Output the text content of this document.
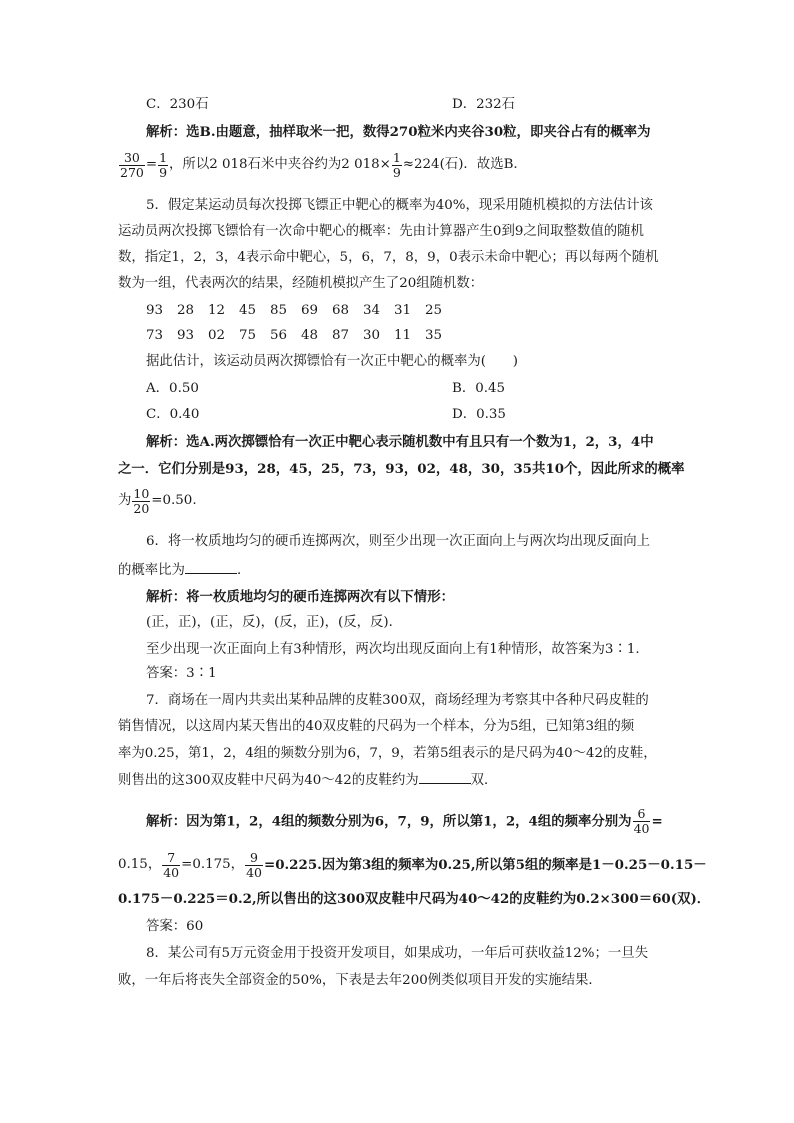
C．230石	D．232石
解析：选B.由题意，抽样取米一把，数得270粒米内夹谷30粒，即夹谷占有的概率为
$\frac{30}{270} = \frac{1}{9}$ ，所以2 018石米中夹谷约为2 $018\times \frac{1}{9} \approx 224$(石)．故选B.
5．假定某运动员每次投掷飞镖正中靶心的概率为40%，现采用随机模拟的方法估计该
运动员两次投掷飞镖恰有一次命中靶心的概率：先由计算器产生0到9之间取整数值的随机
数，指定1，2，3，4表示命中靶心，5，6，7，8，9，0表示未命中靶心；再以每两个随机
数为一组，代表两次的结果，经随机模拟产生了20组随机数：
93 28 12 45 85 69 68 34 31 25
73 93 02 75 56 48 87 30 11 35
据此估计，该运动员两次掷镖恰有一次正中靶心的概率为(　　)
A．0.50	B．0.45
C．0.40	D．0.35
解析：选A.两次掷镖恰有一次正中靶心表示随机数中有且只有一个数为1，2，3，4中
之一．它们分别是93，28，45，25，73，93，02，48，30，35共10个，因此所求的概率
为 $\frac{10}{20} =0.50$.
6．将一枚质地均匀的硬币连掷两次，则至少出现一次正面向上与两次均出现反面向上
的概率比为	．
解析：将一枚质地均匀的硬币连掷两次有以下情形：
(正，正)，(正，反)，(反，正)，(反，反)．
至少出现一次正面向上有3种情形，两次均出现反面向上有1种情形，故答案为3∶1.
答案：3∶1
7．商场在一周内共卖出某种品牌的皮鞋300双，商场经理为考察其中各种尺码皮鞋的
销售情况，以这周内某天售出的40双皮鞋的尺码为一个样本，分为5组，已知第3组的频
率为0.25，第1，2，4组的频数分别为6，7，9，若第5组表示的是尺码为40～42的皮鞋，
则售出的这300双皮鞋中尺码为40～42的皮鞋约为	双．
解析：因为第1，2，4组的频数分别为6，7，9，所以第1，2，4组的频率分别为 $\frac{6}{40}$ =
0.15， $\frac{7}{40} =0.175$， $\frac{9}{40} =0.225$.因为第3组的频率为0.25,所以第5组的频率是1－0.25－0.15－
0.175－0.225＝0.2,所以售出的这300双皮鞋中尺码为40～42的皮鞋约为0.2×300＝60(双)．
答案：60
8．某公司有5万元资金用于投资开发项目，如果成功，一年后可获收益12%；一旦失
败，一年后将丧失全部资金的50%，下表是去年200例类似项目开发的实施结果．
